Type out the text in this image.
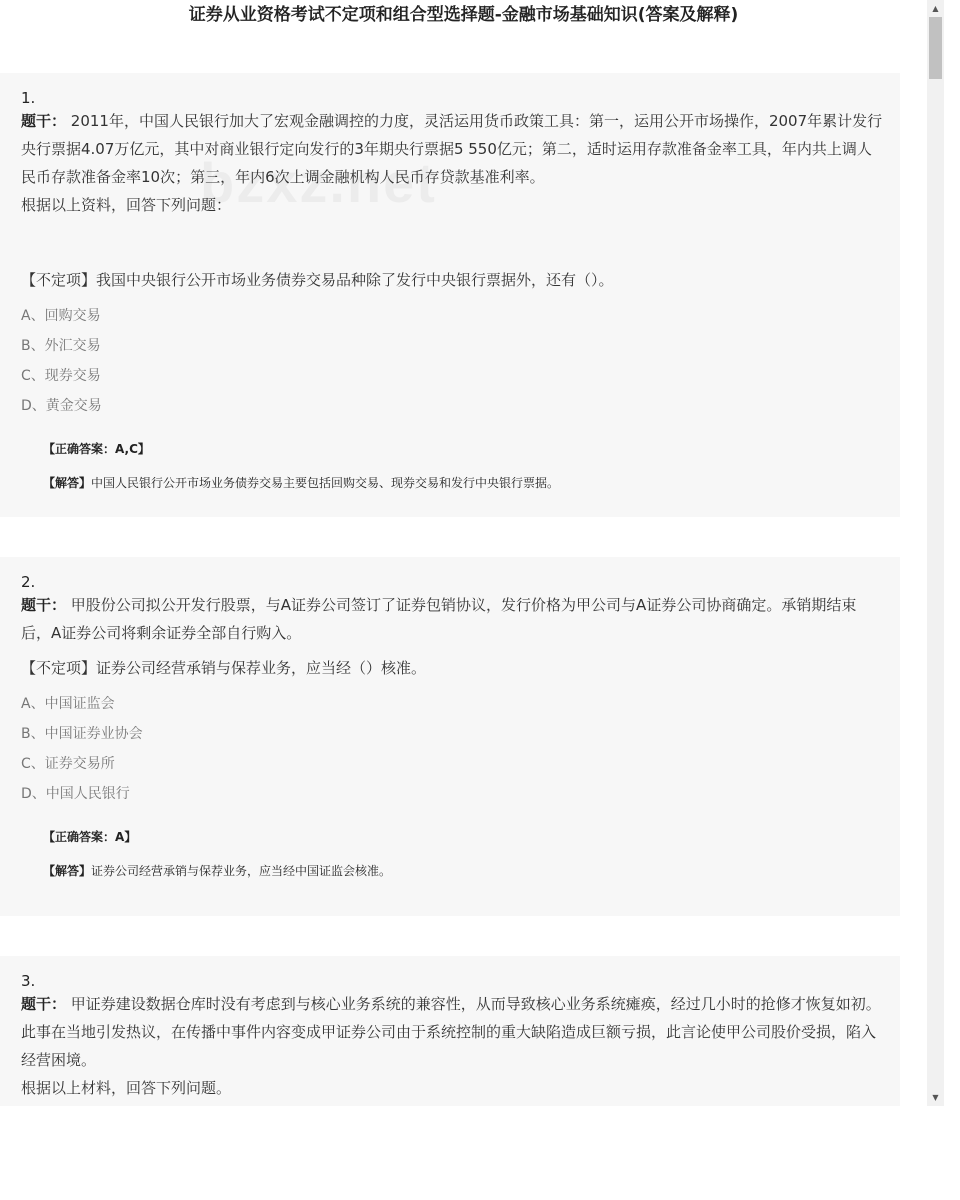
证券从业资格考试不定项和组合型选择题-金融市场基础知识(答案及解释)
1.

题干： 2011年，中国人民银行加大了宏观金融调控的力度，灵活运用货币政策工具：第一，运用公开市场操作，2007年累计发行央行票据4.07万亿元，其中对商业银行定向发行的3年期央行票据5 550亿元；第二，适时运用存款准备金率工具，年内共上调人民币存款准备金率10次；第三，年内6次上调金融机构人民币存贷款基准利率。

根据以上资料，回答下列问题：

【不定项】我国中央银行公开市场业务债券交易品种除了发行中央银行票据外，还有（）。
A、回购交易
B、外汇交易
C、现券交易
D、黄金交易
【正确答案：A,C】
【解答】中国人民银行公开市场业务债券交易主要包括回购交易、现券交易和发行中央银行票据。
2.

题干： 甲股份公司拟公开发行股票，与A证券公司签订了证券包销协议，发行价格为甲公司与A证券公司协商确定。承销期结束后，A证券公司将剩余证券全部自行购入。

【不定项】证券公司经营承销与保荐业务，应当经（）核准。
A、中国证监会
B、中国证券业协会
C、证券交易所
D、中国人民银行
【正确答案：A】
【解答】证券公司经营承销与保荐业务，应当经中国证监会核准。
3.

题干： 甲证券建设数据仓库时没有考虑到与核心业务系统的兼容性，从而导致核心业务系统瘫痪，经过几小时的抢修才恢复如初。此事在当地引发热议，在传播中事件内容变成甲证券公司由于系统控制的重大缺陷造成巨额亏损，此言论使甲公司股价受损，陷入经营困境。

根据以上材料，回答下列问题。

▲
▼
